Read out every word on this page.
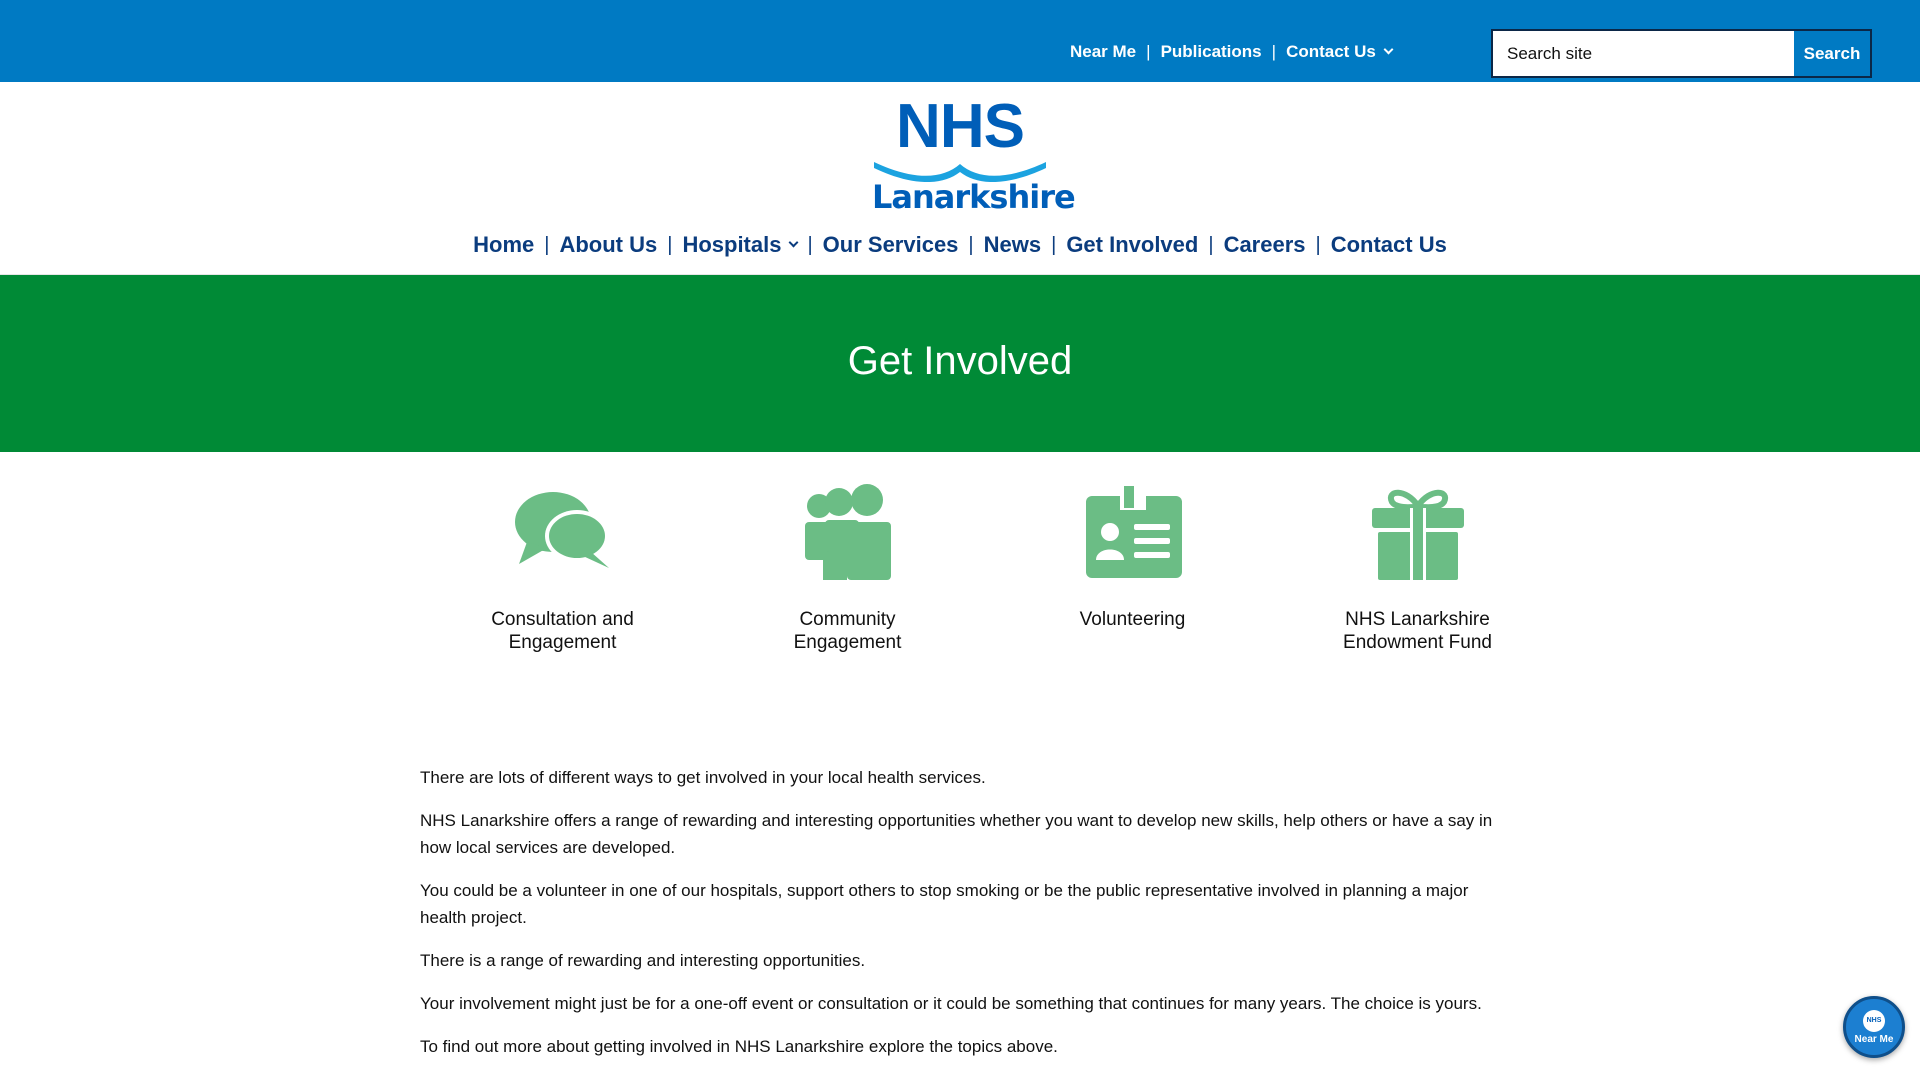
Near Me | Publications | Contact Us
Search site	Search
NHS
Lanarkshire
Home | About Us | Hospitals | Our Services | News | Get Involved | Careers | Contact Us
Get Involved
Consultation and Engagement
Community Engagement
Volunteering	NHS Lanarkshire Endowment Fund

There are lots of different ways to get involved in your local health services.

NHS Lanarkshire offers a range of rewarding and interesting opportunities whether you want to develop new skills, help others or have a say in how local services are developed.

You could be a volunteer in one of our hospitals, support others to stop smoking or be the public representative involved in planning a major health project.

There is a range of rewarding and interesting opportunities.

Your involvement might just be for a one-off event or consultation or it could be something that continues for many years. The choice is yours.

To find out more about getting involved in NHS Lanarkshire explore the topics above.

NHS
Near Me
